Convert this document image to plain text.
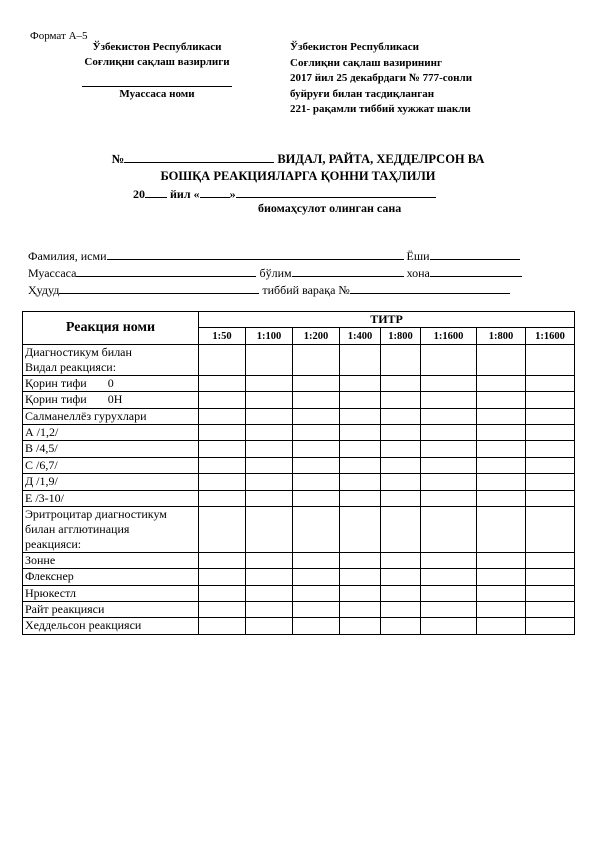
Формат А–5
Ўзбекистон Республикаси
Соғлиқни сақлаш вазирлиги
Муассаса номи
Ўзбекистон Республикаси
Соғлиқни сақлаш вазирининг
2017 йил 25 декабрдаги № 777-сонли
буйруғи билан тасдиқланган
221- рақамли тиббий хужжат шакли
№	ВИДАЛ, РАЙТА, ХЕДДЕЛРСОН ВА
БОШҚА РЕАКЦИЯЛАРГА ҚОННИ ТАҲЛИЛИ
20 йил «	»
биомаҳсулот олинган сана
Фамилия, исми	Ёши
Муассаса	бўлим	хона
Ҳудуд	тиббий варақа №
Реакция номи	ТИТР							
	1:50	1:100	1:200	1:400	1:800	1:1600	1:800	1:1600

Диагностикум билан
Видал реакцияси:								

Қорин тифи       0								

Қорин тифи       0Н								

Салманеллёз гурухлари								

А /1,2/								

В /4,5/								

С /6,7/								

Д /1,9/								

Е /3-10/								

Эритроцитар диагностикум
билан агглютинация
реакцияси:								

Зонне								

Флекснер								

Нрюкестл								

Райт реакцияси								

Хеддельсон реакцияси								
